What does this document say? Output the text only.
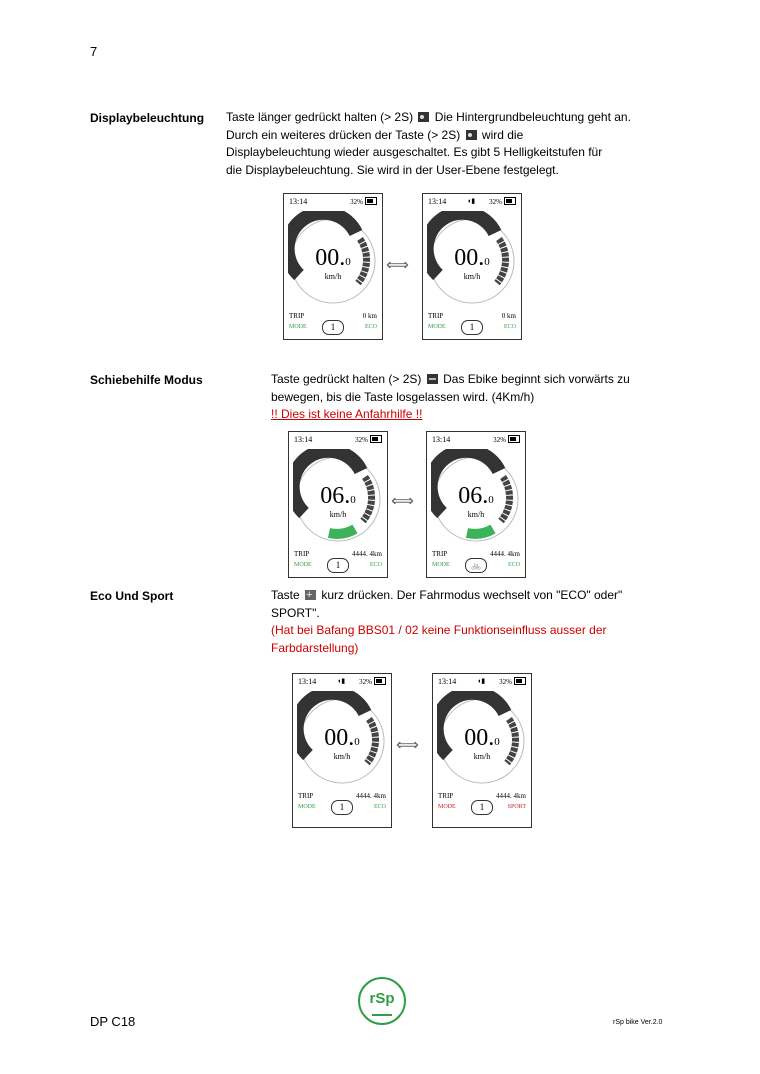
7
Displaybeleuchtung Taste länger gedrückt halten (> 2S) Die Hintergrundbeleuchtung geht an.
Durch ein weiteres drücken der Taste (> 2S) wird die
Displaybeleuchtung wieder ausgeschaltet. Es gibt 5 Helligkeitstufen für
die Displaybeleuchtung. Sie wird in der User-Ebene festgelegt.
13:14	32%
00.0
km/h
TRIP	0 km
MODE	1	ECO
⟺
13:14	◖▮ 32%
00.0
km/h
TRIP	0 km
MODE	1	ECO
Schiebehilfe Modus	Taste gedrückt halten (> 2S) Das Ebike beginnt sich vorwärts zu
bewegen, bis die Taste losgelassen wird. (4Km/h)
!! Dies ist keine Anfahrhilfe !!
13:14	32%
06.0
km/h
TRIP	4444. 4km
MODE	1	ECO
⟺
13:14	32%
06.0
km/h
TRIP	4444. 4km
MODE	🚲	ECO
Eco Und Sport	Taste + kurz drücken. Der Fahrmodus wechselt von "ECO" oder"
SPORT".
(Hat bei Bafang BBS01 / 02 keine Funktionseinfluss ausser der
Farbdarstellung)
13:14	◖▮ 32%
00.0
km/h
TRIP	4444. 4km
MODE	1	ECO
⟺
13:14	◖▮ 32%
00.0
km/h
TRIP	4444. 4km
MODE	1	SPORT
rSp
DP C18	rSp bike Ver.2.0
